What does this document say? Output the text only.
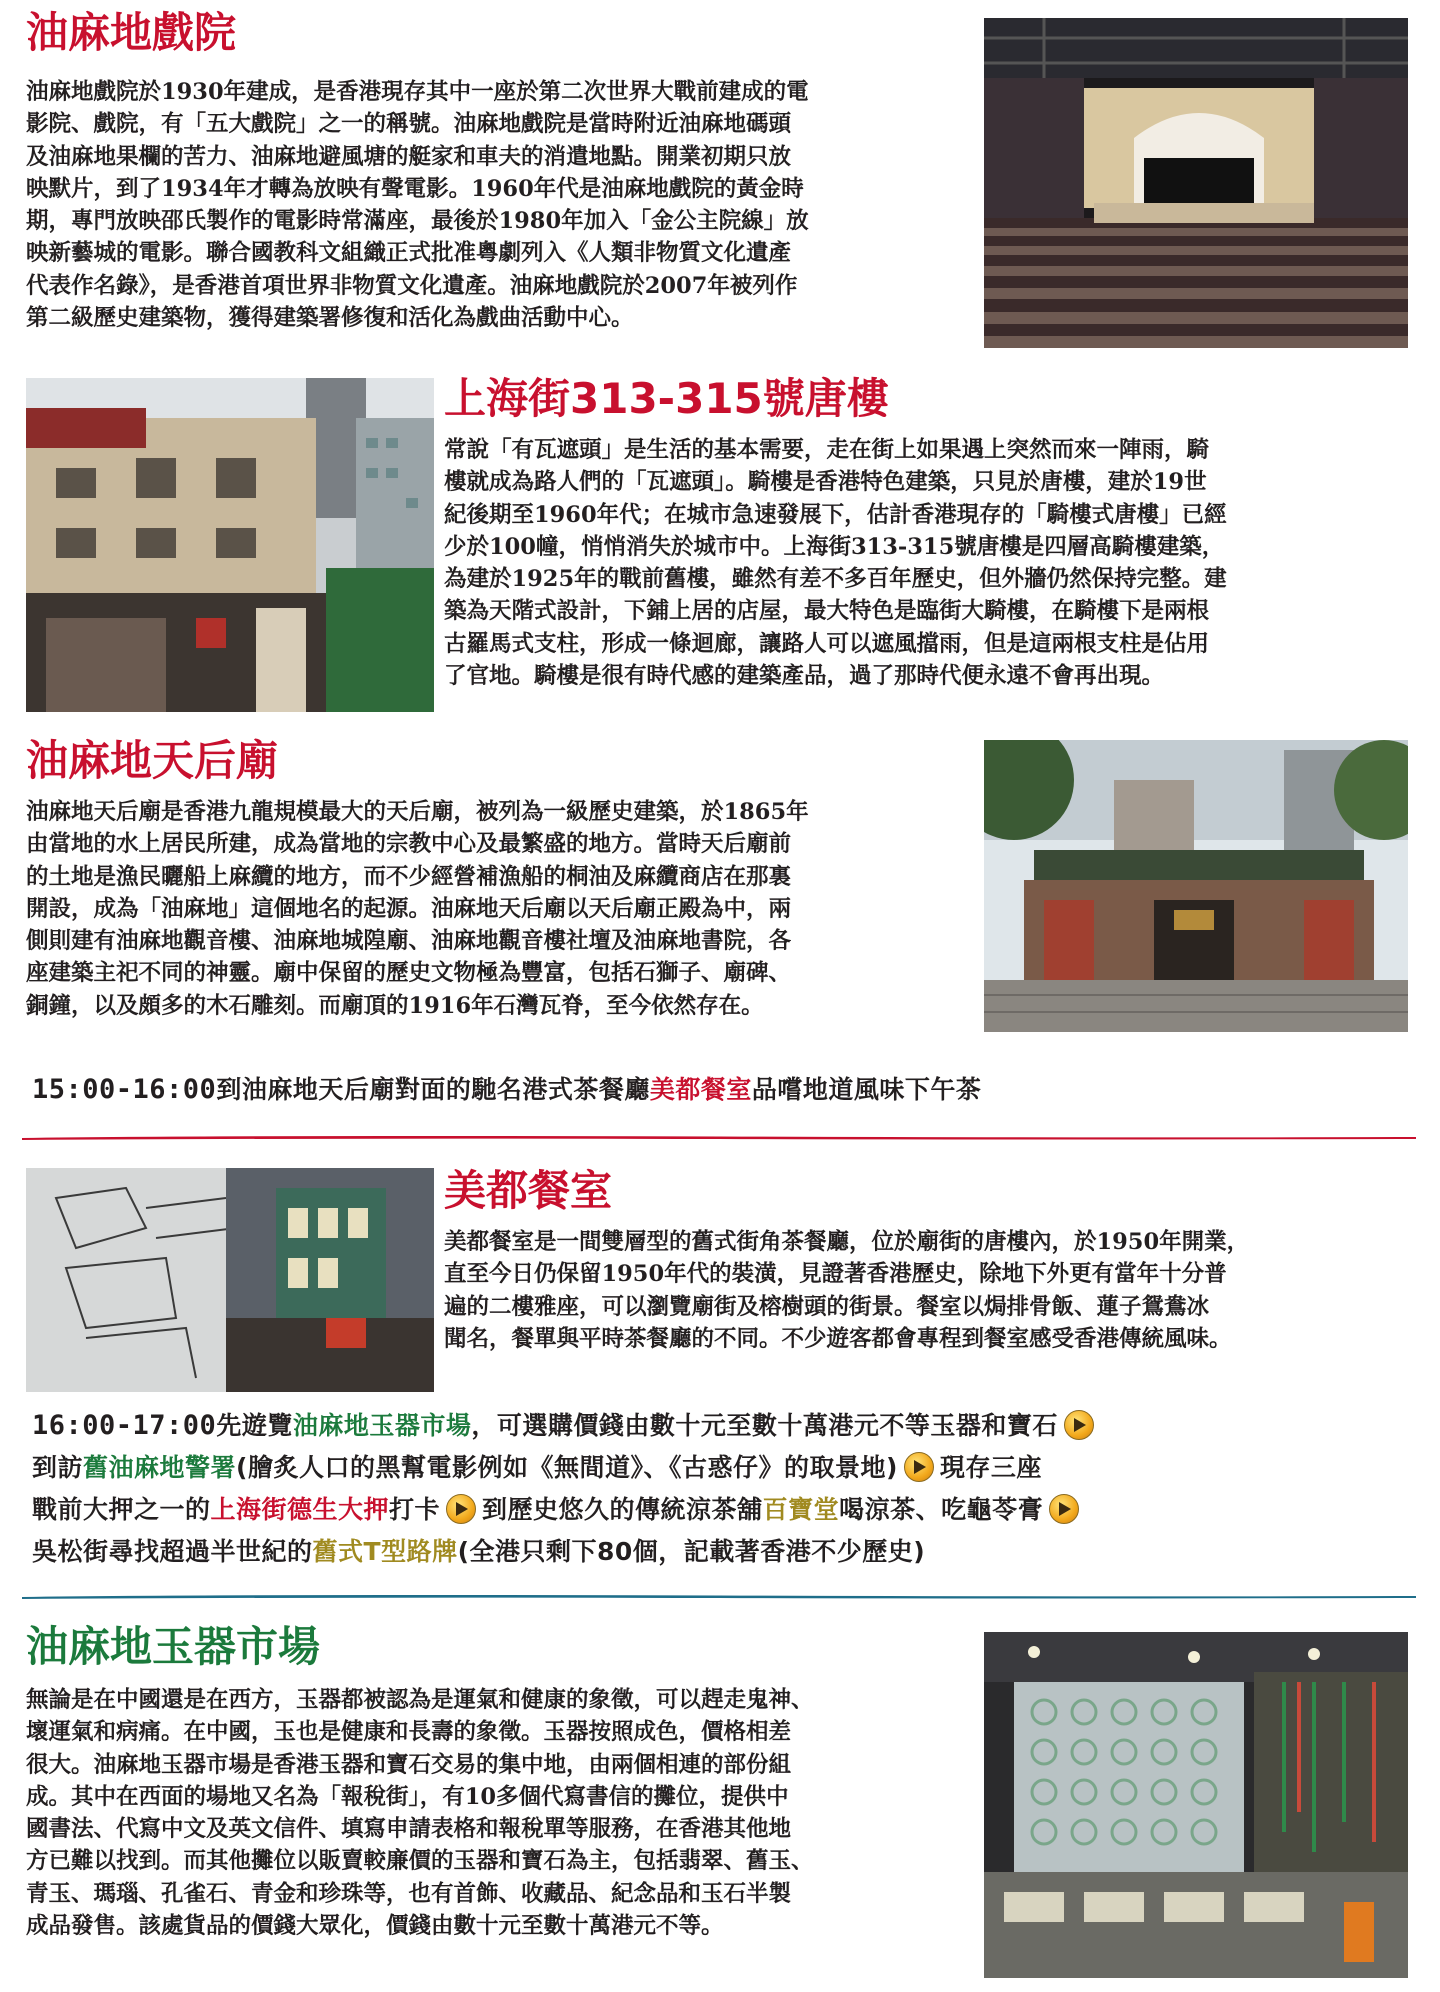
油麻地戲院

油麻地戲院於1930年建成，是香港現存其中一座於第二次世界大戰前建成的電

影院、戲院，有「五大戲院」之一的稱號。油麻地戲院是當時附近油麻地碼頭

及油麻地果欄的苦力、油麻地避風塘的艇家和車夫的消遣地點。開業初期只放

映默片，到了1934年才轉為放映有聲電影。1960年代是油麻地戲院的黃金時

期，專門放映邵氏製作的電影時常滿座，最後於1980年加入「金公主院線」放

映新藝城的電影。聯合國教科文組織正式批准粵劇列入《人類非物質文化遺產

代表作名錄》，是香港首項世界非物質文化遺產。油麻地戲院於2007年被列作

第二級歷史建築物，獲得建築署修復和活化為戲曲活動中心。

上海街313-315號唐樓

常說「有瓦遮頭」是生活的基本需要，走在街上如果遇上突然而來一陣雨，騎

樓就成為路人們的「瓦遮頭」。騎樓是香港特色建築，只見於唐樓，建於19世

紀後期至1960年代；在城市急速發展下，估計香港現存的「騎樓式唐樓」已經

少於100幢，悄悄消失於城市中。上海街313-315號唐樓是四層高騎樓建築，

為建於1925年的戰前舊樓，雖然有差不多百年歷史，但外牆仍然保持完整。建

築為天階式設計，下鋪上居的店屋，最大特色是臨街大騎樓，在騎樓下是兩根

古羅馬式支柱，形成一條迴廊，讓路人可以遮風擋雨，但是這兩根支柱是佔用

了官地。騎樓是很有時代感的建築產品，過了那時代便永遠不會再出現。

油麻地天后廟

油麻地天后廟是香港九龍規模最大的天后廟，被列為一級歷史建築，於1865年

由當地的水上居民所建，成為當地的宗教中心及最繁盛的地方。當時天后廟前

的土地是漁民曬船上麻纜的地方，而不少經營補漁船的桐油及麻纜商店在那裏

開設，成為「油麻地」這個地名的起源。油麻地天后廟以天后廟正殿為中，兩

側則建有油麻地觀音樓、油麻地城隍廟、油麻地觀音樓社壇及油麻地書院，各

座建築主祀不同的神靈。廟中保留的歷史文物極為豐富，包括石獅子、廟碑、

銅鐘，以及頗多的木石雕刻。而廟頂的1916年石灣瓦脊，至今依然存在。

15:00-16:00到油麻地天后廟對面的馳名港式茶餐廳美都餐室品嚐地道風味下午茶
美都餐室

美都餐室是一間雙層型的舊式街角茶餐廳，位於廟街的唐樓內，於1950年開業，

直至今日仍保留1950年代的裝潢，見證著香港歷史，除地下外更有當年十分普

遍的二樓雅座，可以瀏覽廟街及榕樹頭的街景。餐室以焗排骨飯、蓮子鴛鴦冰

聞名，餐單與平時茶餐廳的不同。不少遊客都會專程到餐室感受香港傳統風味。

16:00-17:00先遊覽油麻地玉器市場，可選購價錢由數十元至數十萬港元不等玉器和寶石
到訪舊油麻地警署(膾炙人口的黑幫電影例如《無間道》、《古惑仔》的取景地) 現存三座
戰前大押之一的上海街德生大押打卡 到歷史悠久的傳統涼茶舖百寶堂喝涼茶、吃龜苓膏
吳松街尋找超過半世紀的舊式T型路牌(全港只剩下80個，記載著香港不少歷史)
油麻地玉器市場

無論是在中國還是在西方，玉器都被認為是運氣和健康的象徵，可以趕走鬼神、

壞運氣和病痛。在中國，玉也是健康和長壽的象徵。玉器按照成色，價格相差

很大。油麻地玉器市場是香港玉器和寶石交易的集中地，由兩個相連的部份組

成。其中在西面的場地又名為「報稅街」，有10多個代寫書信的攤位，提供中

國書法、代寫中文及英文信件、填寫申請表格和報稅單等服務，在香港其他地

方已難以找到。而其他攤位以販賣較廉價的玉器和寶石為主，包括翡翠、舊玉、

青玉、瑪瑙、孔雀石、青金和珍珠等，也有首飾、收藏品、紀念品和玉石半製

成品發售。該處貨品的價錢大眾化，價錢由數十元至數十萬港元不等。
